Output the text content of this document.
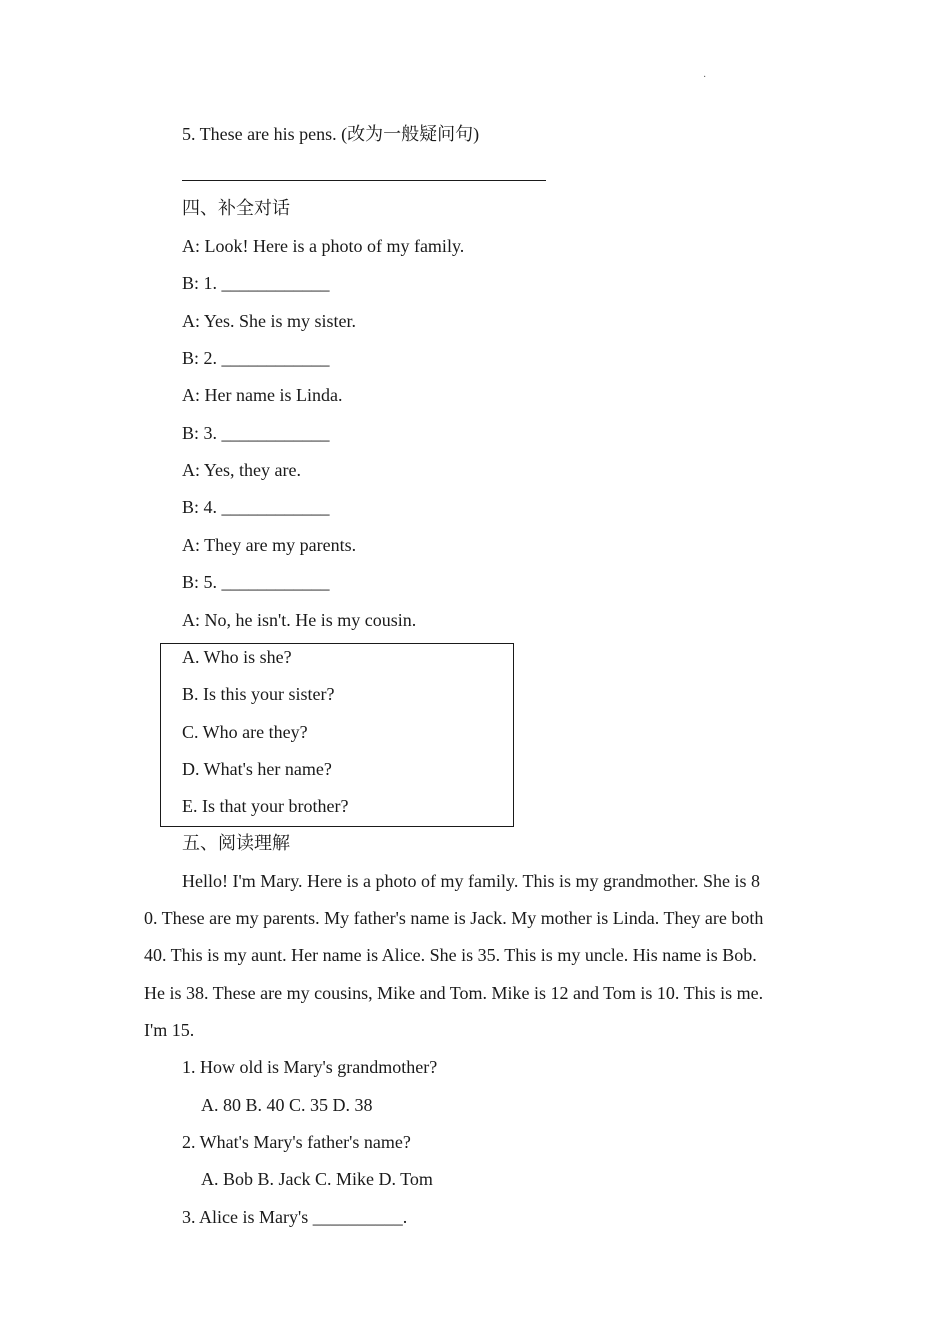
·
5. These are his pens. (改为一般疑问句)
四、补全对话
A: Look! Here is a photo of my family.
B: 1. ____________
A: Yes. She is my sister.
B: 2. ____________
A: Her name is Linda.
B: 3. ____________
A: Yes, they are.
B: 4. ____________
A: They are my parents.
B: 5. ____________
A: No, he isn't. He is my cousin.
A. Who is she?
B. Is this your sister?
C. Who are they?
D. What's her name?
E. Is that your brother?
五、阅读理解
Hello! I'm Mary. Here is a photo of my family. This is my grandmother. She is 8
0. These are my parents. My father's name is Jack. My mother is Linda. They are both
40. This is my aunt. Her name is Alice. She is 35. This is my uncle. His name is Bob.
He is 38. These are my cousins, Mike and Tom. Mike is 12 and Tom is 10. This is me.
I'm 15.
1. How old is Mary's grandmother?
A. 80 B. 40 C. 35 D. 38
2. What's Mary's father's name?
A. Bob B. Jack C. Mike D. Tom
3. Alice is Mary's __________.
